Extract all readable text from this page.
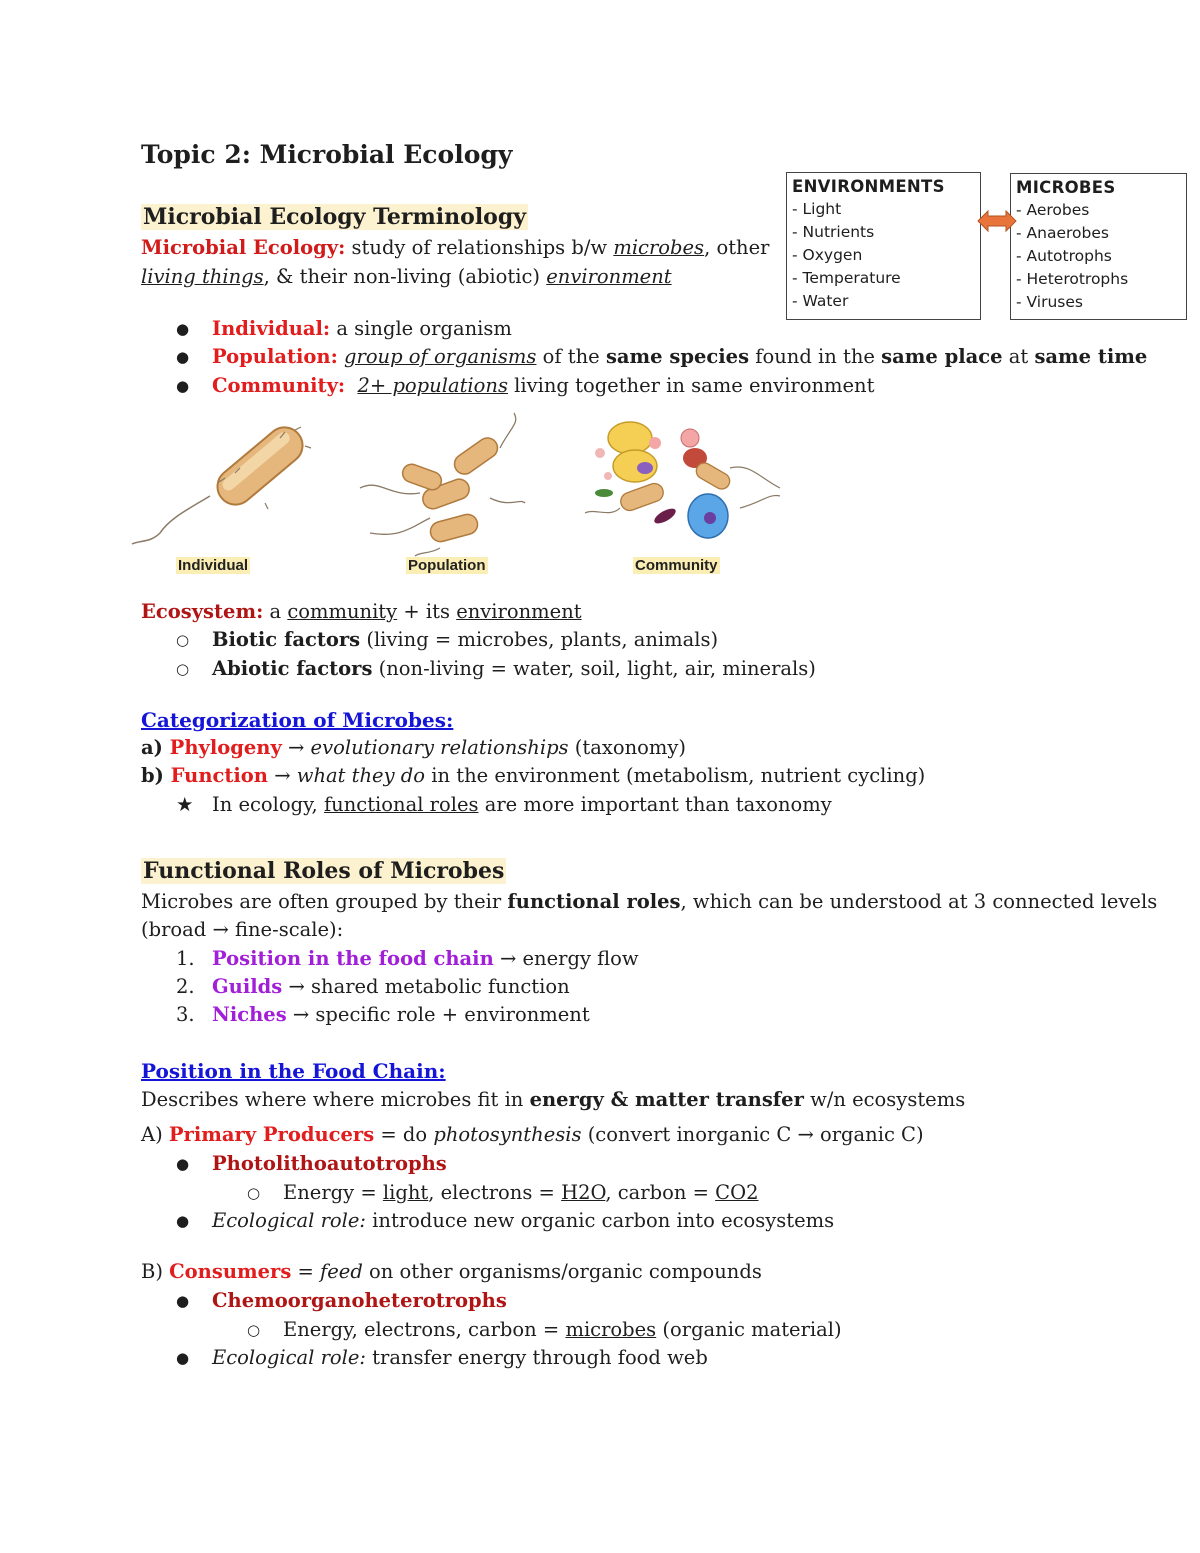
Topic 2: Microbial Ecology
Microbial Ecology Terminology
Microbial Ecology: study of relationships b/w microbes, other
living things, & their non-living (abiotic) environment
● Individual: a single organism
● Population: group of organisms of the same species found in the same place at same time
● Community: 2+ populations living together in same environment
ENVIRONMENTS
- Light
- Nutrients
- Oxygen
- Temperature
- Water
MICROBES
- Aerobes
- Anaerobes
- Autotrophs
- Heterotrophs
- Viruses
Individual	Population	Community
Ecosystem: a community + its environment
○ Biotic factors (living = microbes, plants, animals)
○ Abiotic factors (non-living = water, soil, light, air, minerals)
Categorization of Microbes:
a) Phylogeny → evolutionary relationships (taxonomy)
b) Function → what they do in the environment (metabolism, nutrient cycling)
★ In ecology, functional roles are more important than taxonomy
Functional Roles of Microbes
Microbes are often grouped by their functional roles, which can be understood at 3 connected levels
(broad → fine-scale):
1. Position in the food chain → energy flow
2. Guilds → shared metabolic function
3. Niches → specific role + environment
Position in the Food Chain:
Describes where where microbes fit in energy & matter transfer w/n ecosystems
A) Primary Producers = do photosynthesis (convert inorganic C → organic C)
● Photolithoautotrophs
○ Energy = light, electrons = H2O, carbon = CO2
● Ecological role: introduce new organic carbon into ecosystems
B) Consumers = feed on other organisms/organic compounds
● Chemoorganoheterotrophs
○ Energy, electrons, carbon = microbes (organic material)
● Ecological role: transfer energy through food web
